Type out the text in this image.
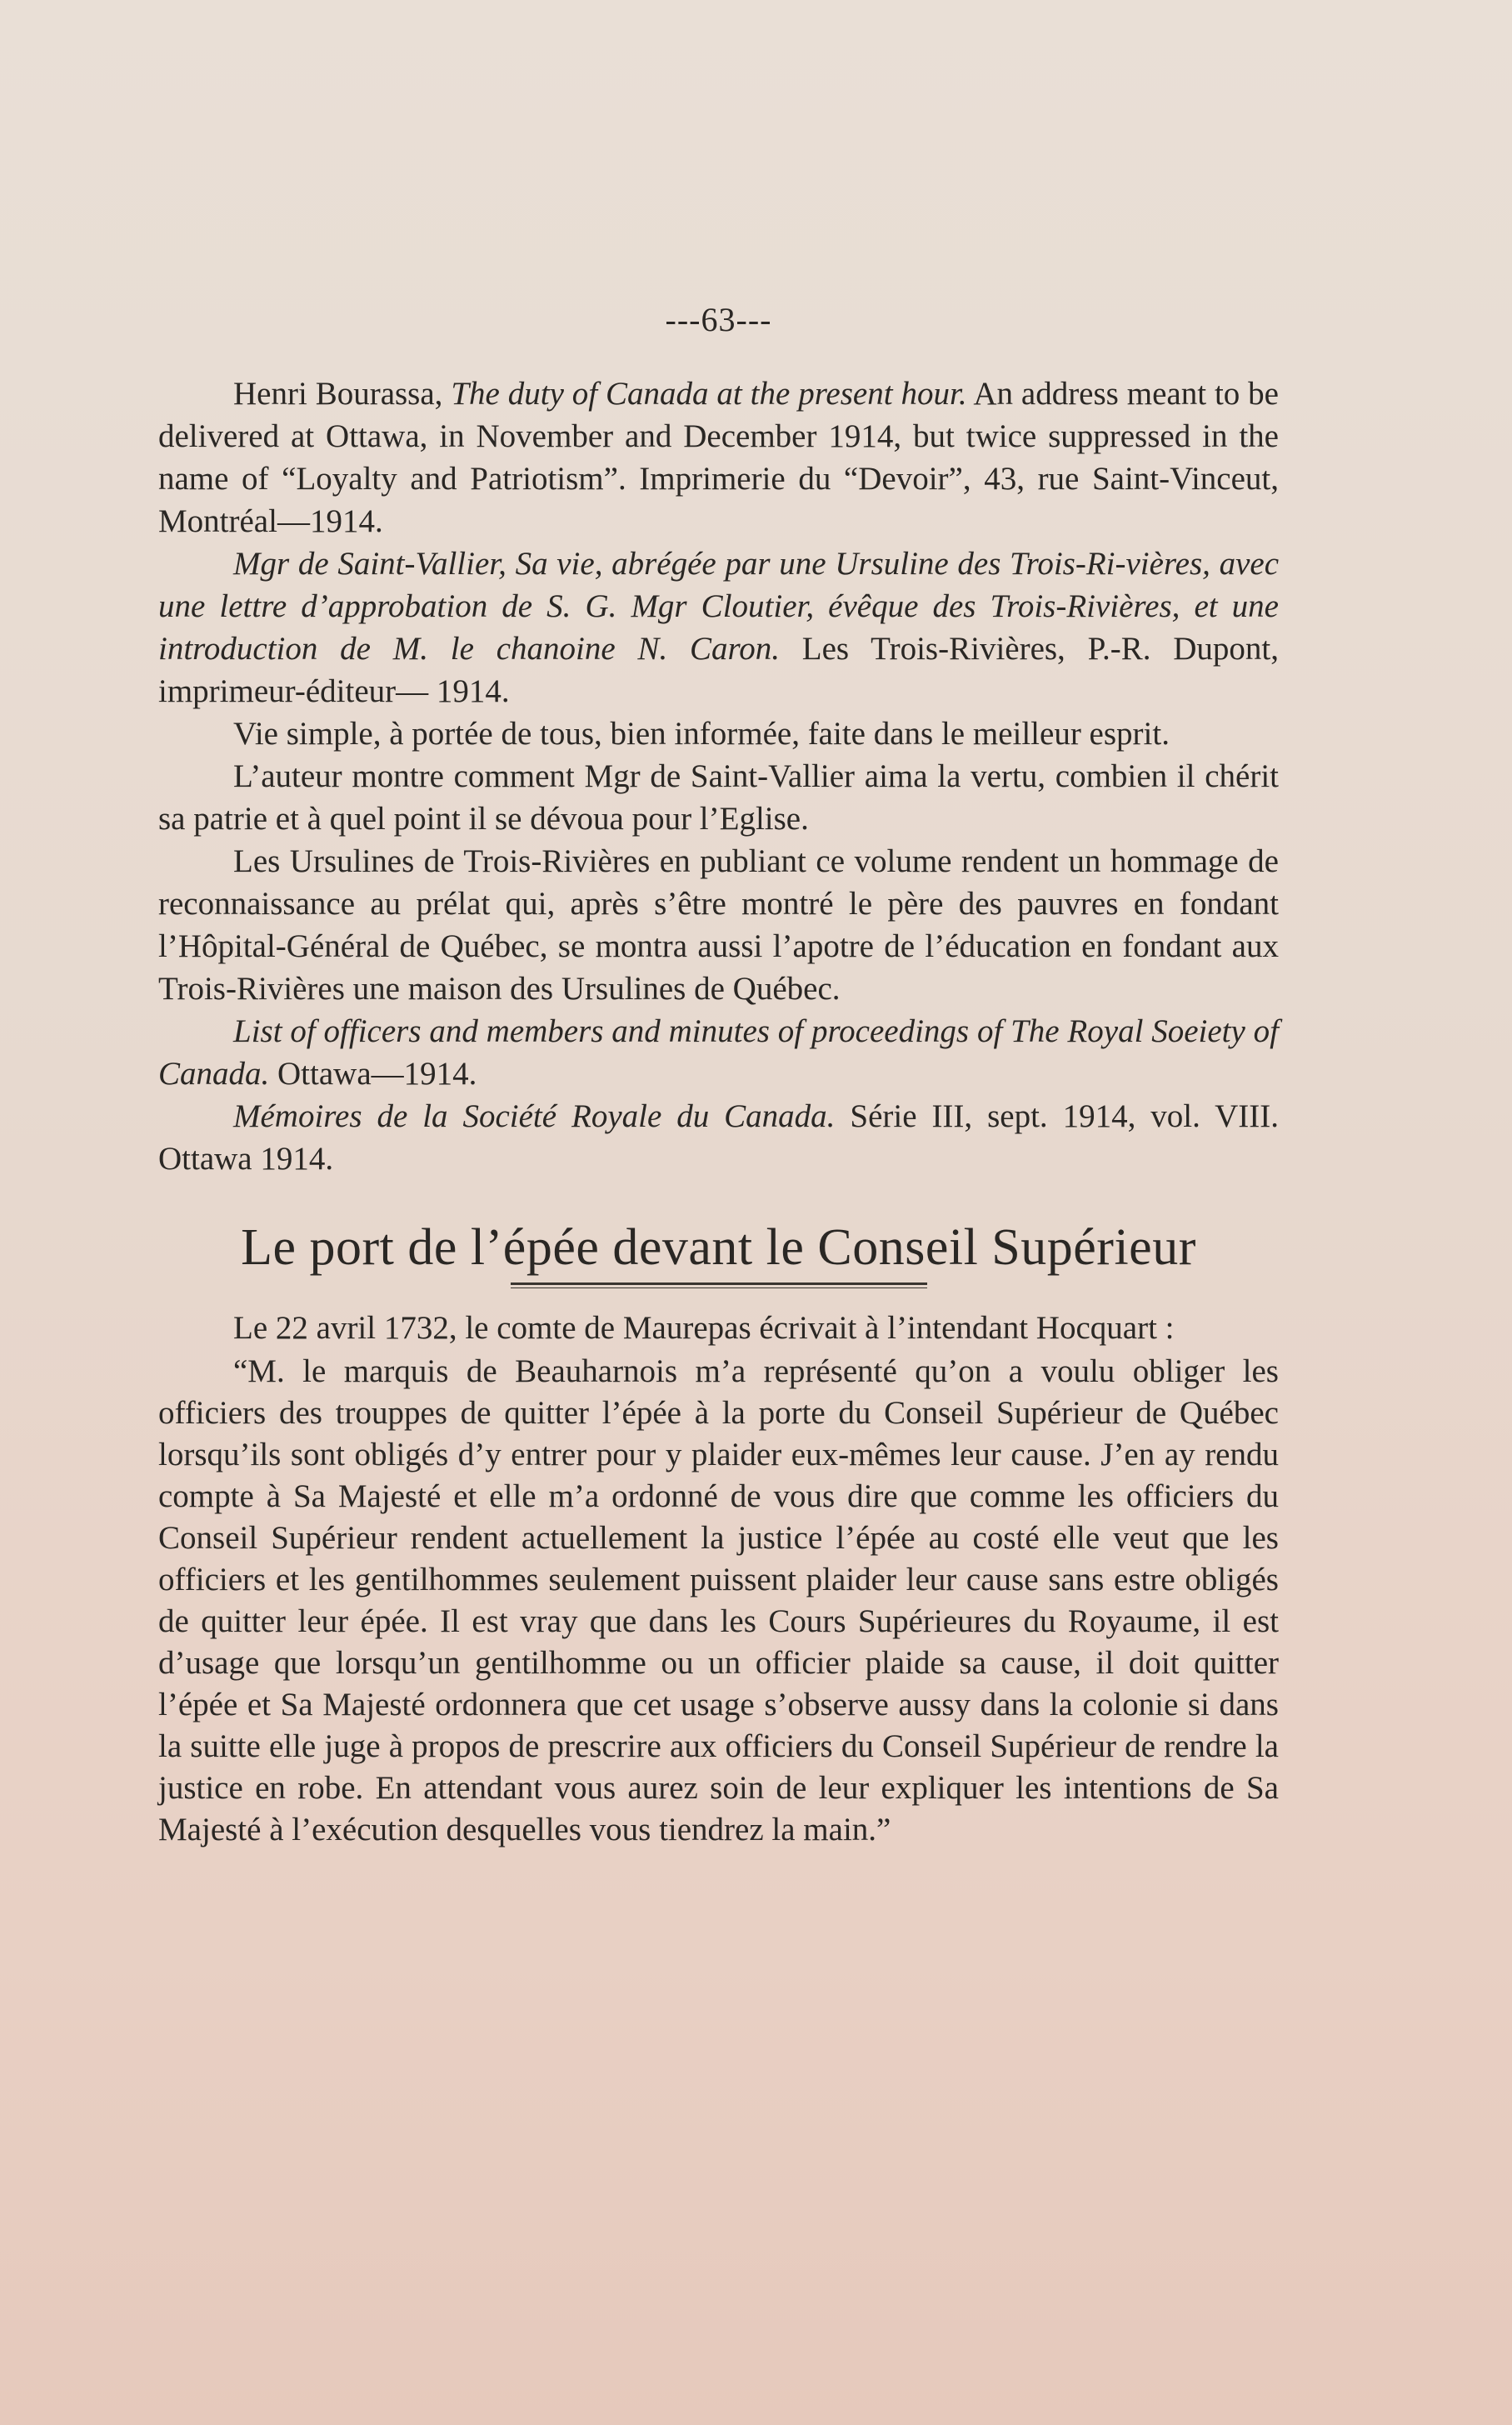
---63---

Henri Bourassa, The duty of Canada at the present hour. An address meant to be delivered at Ottawa, in November and December 1914, but twice suppressed in the name of “Loyalty and Patriotism”. Imprimerie du “Devoir”, 43, rue Saint-Vinceut, Montréal—1914.

Mgr de Saint-Vallier, Sa vie, abrégée par une Ursuline des Trois-Ri-vières, avec une lettre d’approbation de S. G. Mgr Cloutier, évêque des Trois-Rivières, et une introduction de M. le chanoine N. Caron. Les Trois-Rivières, P.-R. Dupont, imprimeur-éditeur— 1914.

Vie simple, à portée de tous, bien informée, faite dans le meilleur esprit.

L’auteur montre comment Mgr de Saint-Vallier aima la vertu, combien il chérit sa patrie et à quel point il se dévoua pour l’Eglise.

Les Ursulines de Trois-Rivières en publiant ce volume rendent un hommage de reconnaissance au prélat qui, après s’être montré le père des pauvres en fondant l’Hôpital-Général de Québec, se montra aussi l’apotre de l’éducation en fondant aux Trois-Rivières une maison des Ursulines de Québec.

List of officers and members and minutes of proceedings of The Royal Soeiety of Canada. Ottawa—1914.

Mémoires de la Société Royale du Canada. Série III, sept. 1914, vol. VIII. Ottawa 1914.

Le port de l’épée devant le Conseil Supérieur

Le 22 avril 1732, le comte de Maurepas écrivait à l’intendant Hocquart :

“M. le marquis de Beauharnois m’a représenté qu’on a voulu obliger les officiers des trouppes de quitter l’épée à la porte du Conseil Supérieur de Québec lorsqu’ils sont obligés d’y entrer pour y plaider eux-mêmes leur cause. J’en ay rendu compte à Sa Majesté et elle m’a ordonné de vous dire que comme les officiers du Conseil Supérieur rendent actuellement la justice l’épée au costé elle veut que les officiers et les gentilhommes seulement puissent plaider leur cause sans estre obligés de quitter leur épée. Il est vray que dans les Cours Supérieures du Royaume, il est d’usage que lorsqu’un gentilhomme ou un officier plaide sa cause, il doit quitter l’épée et Sa Majesté ordonnera que cet usage s’observe aussy dans la colonie si dans la suitte elle juge à propos de prescrire aux officiers du Conseil Supérieur de rendre la justice en robe. En attendant vous aurez soin de leur expliquer les intentions de Sa Majesté à l’exécution desquelles vous tiendrez la main.”
